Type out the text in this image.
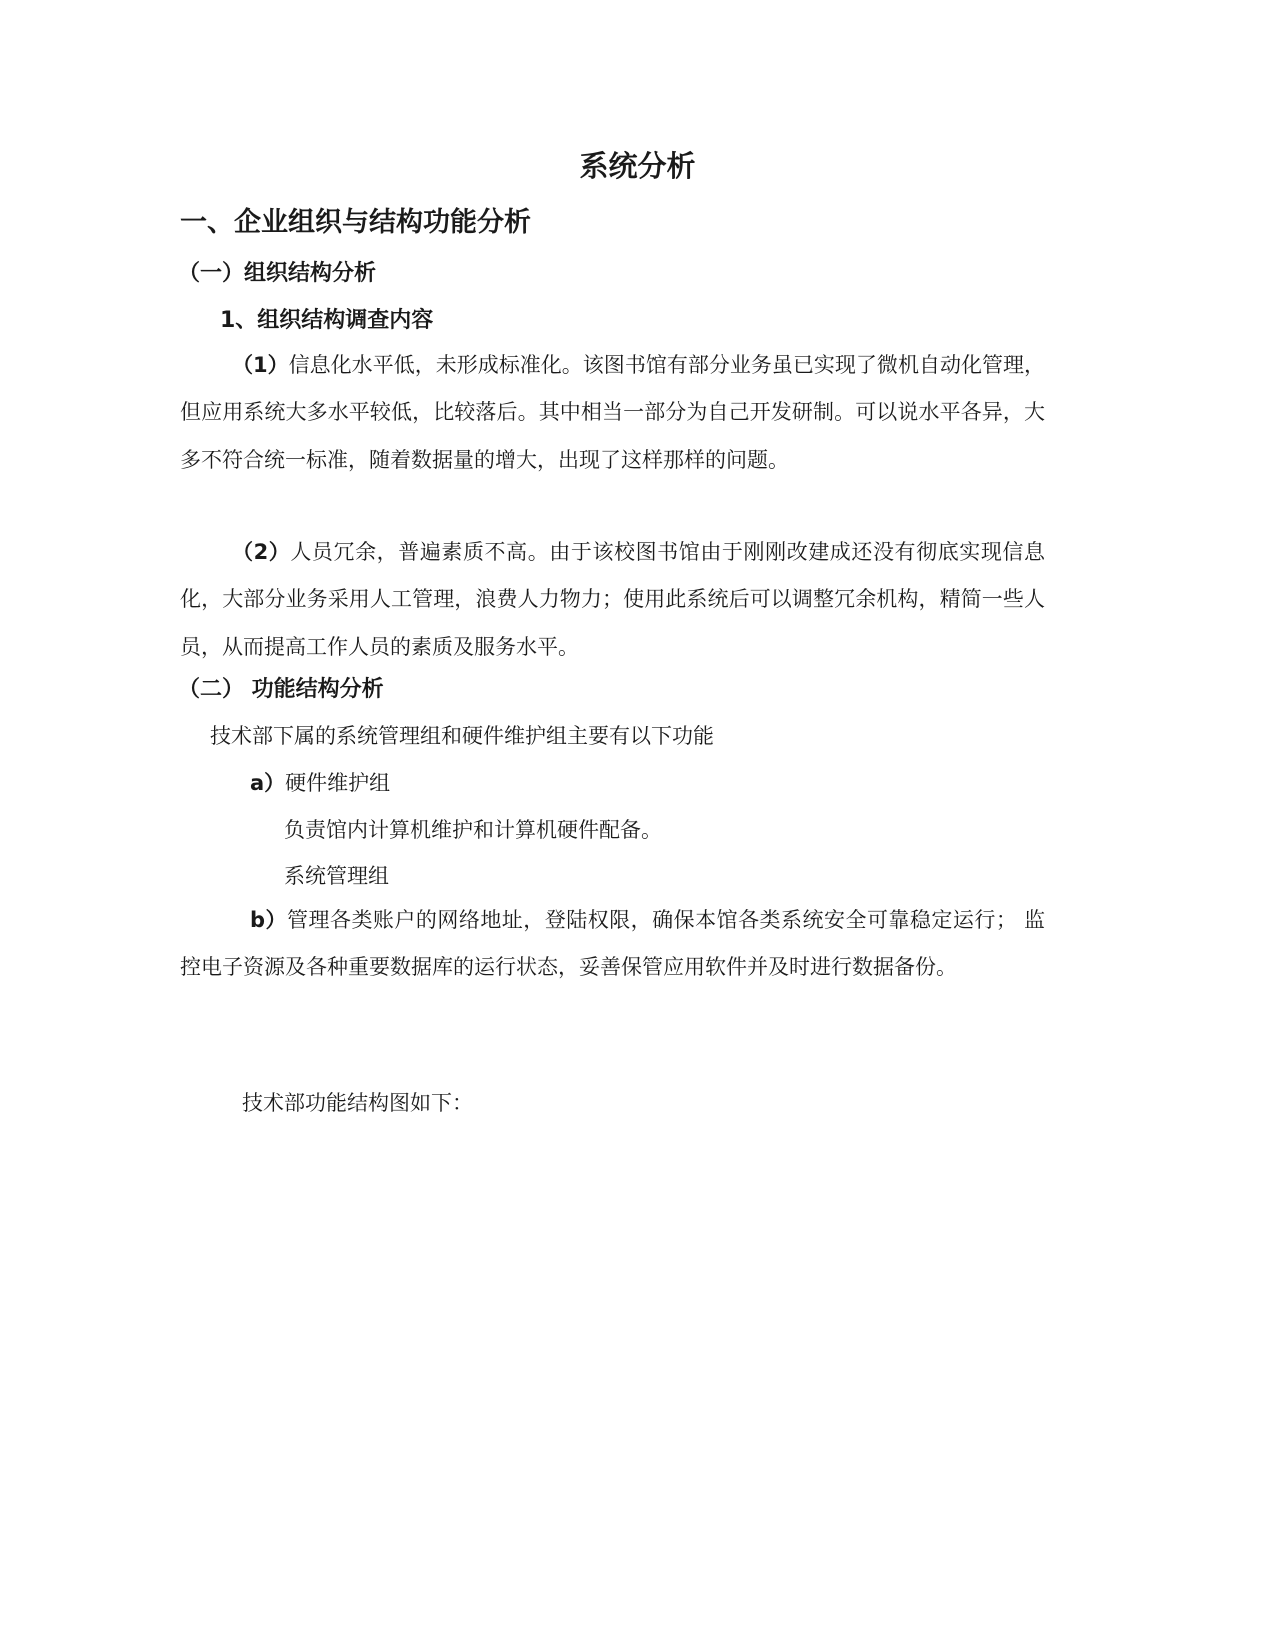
系统分析
一、企业组织与结构功能分析
（一）组织结构分析
1、组织结构调查内容
（1）信息化水平低，未形成标准化。该图书馆有部分业务虽已实现了微机自动化管理，但应用系统大多水平较低，比较落后。其中相当一部分为自己开发研制。可以说水平各异，大多不符合统一标准，随着数据量的增大，出现了这样那样的问题。
（2）人员冗余，普遍素质不高。由于该校图书馆由于刚刚改建成还没有彻底实现信息化，大部分业务采用人工管理，浪费人力物力；使用此系统后可以调整冗余机构，精简一些人员，从而提高工作人员的素质及服务水平。
（二） 功能结构分析
技术部下属的系统管理组和硬件维护组主要有以下功能
a）硬件维护组
负责馆内计算机维护和计算机硬件配备。
系统管理组
b）管理各类账户的网络地址，登陆权限，确保本馆各类系统安全可靠稳定运行； 监控电子资源及各种重要数据库的运行状态，妥善保管应用软件并及时进行数据备份。
技术部功能结构图如下：
